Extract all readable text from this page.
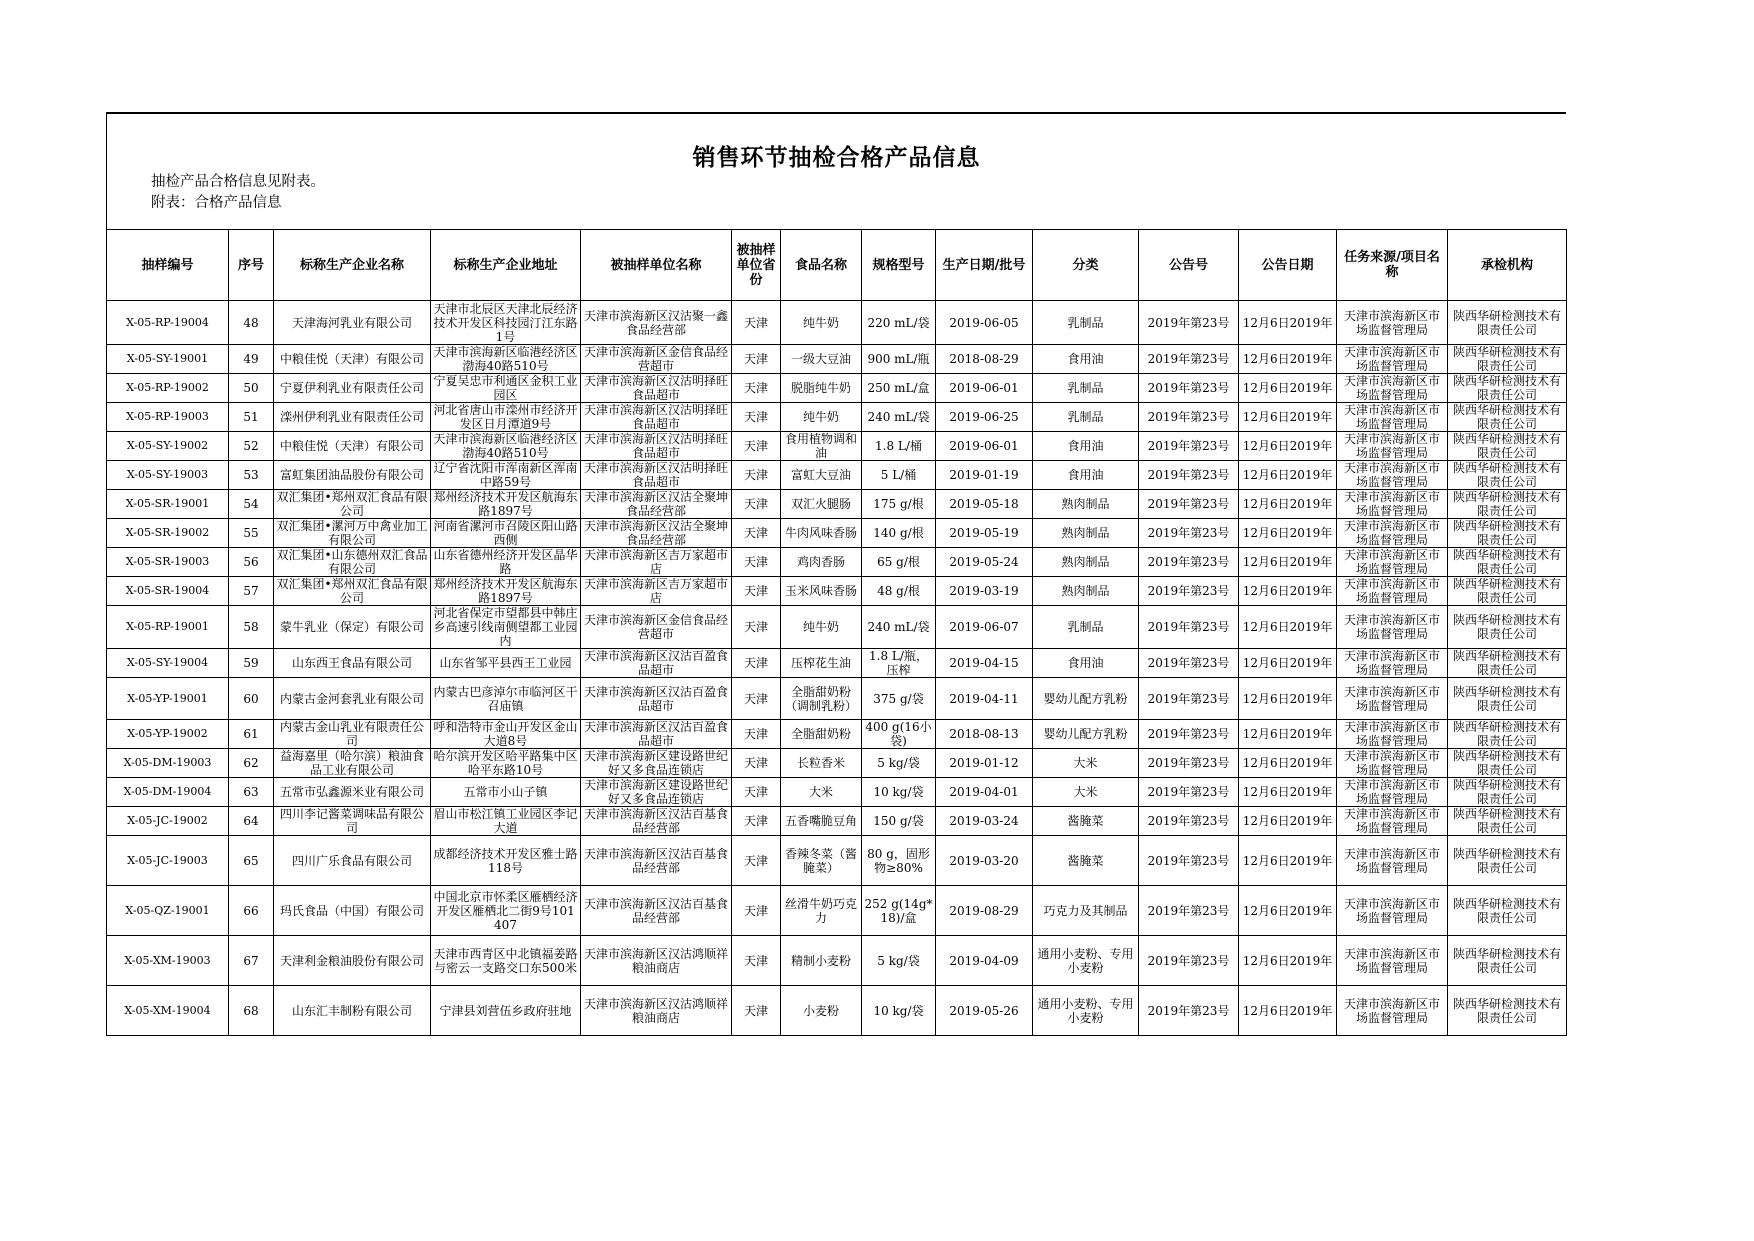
销售环节抽检合格产品信息
抽检产品合格信息见附表。
附表：合格产品信息
抽样编号	序号	标称生产企业名称	标称生产企业地址	被抽样单位名称	被抽样单位省份	食品名称	规格型号	生产日期/批号	分类	公告号	公告日期	任务来源/项目名称	承检机构
X-05-RP-19004	48	天津海河乳业有限公司	天津市北辰区天津北辰经济技术开发区科技园汀江东路1号	天津市滨海新区汉沽聚一鑫食品经营部	天津	纯牛奶	220 mL/袋	2019-06-05	乳制品	2019年第23号	12月6日2019年	天津市滨海新区市场监督管理局	陕西华研检测技术有限责任公司
X-05-SY-19001	49	中粮佳悦（天津）有限公司	天津市滨海新区临港经济区渤海40路510号	天津市滨海新区金信食品经营超市	天津	一级大豆油	900 mL/瓶	2018-08-29	食用油	2019年第23号	12月6日2019年	天津市滨海新区市场监督管理局	陕西华研检测技术有限责任公司
X-05-RP-19002	50	宁夏伊利乳业有限责任公司	宁夏吴忠市利通区金积工业园区	天津市滨海新区汉沽明择旺食品超市	天津	脱脂纯牛奶	250 mL/盒	2019-06-01	乳制品	2019年第23号	12月6日2019年	天津市滨海新区市场监督管理局	陕西华研检测技术有限责任公司
X-05-RP-19003	51	滦州伊利乳业有限责任公司	河北省唐山市滦州市经济开发区日月潭道9号	天津市滨海新区汉沽明择旺食品超市	天津	纯牛奶	240 mL/袋	2019-06-25	乳制品	2019年第23号	12月6日2019年	天津市滨海新区市场监督管理局	陕西华研检测技术有限责任公司
X-05-SY-19002	52	中粮佳悦（天津）有限公司	天津市滨海新区临港经济区渤海40路510号	天津市滨海新区汉沽明择旺食品超市	天津	食用植物调和油	1.8 L/桶	2019-06-01	食用油	2019年第23号	12月6日2019年	天津市滨海新区市场监督管理局	陕西华研检测技术有限责任公司
X-05-SY-19003	53	富虹集团油品股份有限公司	辽宁省沈阳市浑南新区浑南中路59号	天津市滨海新区汉沽明择旺食品超市	天津	富虹大豆油	5 L/桶	2019-01-19	食用油	2019年第23号	12月6日2019年	天津市滨海新区市场监督管理局	陕西华研检测技术有限责任公司
X-05-SR-19001	54	双汇集团•郑州双汇食品有限公司	郑州经济技术开发区航海东路1897号	天津市滨海新区汉沽全聚坤食品经营部	天津	双汇火腿肠	175 g/根	2019-05-18	熟肉制品	2019年第23号	12月6日2019年	天津市滨海新区市场监督管理局	陕西华研检测技术有限责任公司
X-05-SR-19002	55	双汇集团•漯河万中禽业加工有限公司	河南省漯河市召陵区阳山路西侧	天津市滨海新区汉沽全聚坤食品经营部	天津	牛肉风味香肠	140 g/根	2019-05-19	熟肉制品	2019年第23号	12月6日2019年	天津市滨海新区市场监督管理局	陕西华研检测技术有限责任公司
X-05-SR-19003	56	双汇集团•山东德州双汇食品有限公司	山东省德州经济开发区晶华路	天津市滨海新区吉万家超市店	天津	鸡肉香肠	65 g/根	2019-05-24	熟肉制品	2019年第23号	12月6日2019年	天津市滨海新区市场监督管理局	陕西华研检测技术有限责任公司
X-05-SR-19004	57	双汇集团•郑州双汇食品有限公司	郑州经济技术开发区航海东路1897号	天津市滨海新区吉万家超市店	天津	玉米风味香肠	48 g/根	2019-03-19	熟肉制品	2019年第23号	12月6日2019年	天津市滨海新区市场监督管理局	陕西华研检测技术有限责任公司
X-05-RP-19001	58	蒙牛乳业（保定）有限公司	河北省保定市望都县中韩庄乡高速引线南侧望都工业园内	天津市滨海新区金信食品经营超市	天津	纯牛奶	240 mL/袋	2019-06-07	乳制品	2019年第23号	12月6日2019年	天津市滨海新区市场监督管理局	陕西华研检测技术有限责任公司
X-05-SY-19004	59	山东西王食品有限公司	山东省邹平县西王工业园	天津市滨海新区汉沽百盈食品超市	天津	压榨花生油	1.8 L/瓶，压榨	2019-04-15	食用油	2019年第23号	12月6日2019年	天津市滨海新区市场监督管理局	陕西华研检测技术有限责任公司
X-05-YP-19001	60	内蒙古金河套乳业有限公司	内蒙古巴彦淖尔市临河区干召庙镇	天津市滨海新区汉沽百盈食品超市	天津	全脂甜奶粉（调制乳粉）	375 g/袋	2019-04-11	婴幼儿配方乳粉	2019年第23号	12月6日2019年	天津市滨海新区市场监督管理局	陕西华研检测技术有限责任公司
X-05-YP-19002	61	内蒙古金山乳业有限责任公司	呼和浩特市金山开发区金山大道8号	天津市滨海新区汉沽百盈食品超市	天津	全脂甜奶粉	400 g(16小袋)	2018-08-13	婴幼儿配方乳粉	2019年第23号	12月6日2019年	天津市滨海新区市场监督管理局	陕西华研检测技术有限责任公司
X-05-DM-19003	62	益海嘉里（哈尔滨）粮油食品工业有限公司	哈尔滨开发区哈平路集中区哈平东路10号	天津市滨海新区建设路世纪好又多食品连锁店	天津	长粒香米	5 kg/袋	2019-01-12	大米	2019年第23号	12月6日2019年	天津市滨海新区市场监督管理局	陕西华研检测技术有限责任公司
X-05-DM-19004	63	五常市弘鑫源米业有限公司	五常市小山子镇	天津市滨海新区建设路世纪好又多食品连锁店	天津	大米	10 kg/袋	2019-04-01	大米	2019年第23号	12月6日2019年	天津市滨海新区市场监督管理局	陕西华研检测技术有限责任公司
X-05-JC-19002	64	四川李记酱菜调味品有限公司	眉山市松江镇工业园区李记大道	天津市滨海新区汉沽百基食品经营部	天津	五香嘴脆豆角	150 g/袋	2019-03-24	酱腌菜	2019年第23号	12月6日2019年	天津市滨海新区市场监督管理局	陕西华研检测技术有限责任公司
X-05-JC-19003	65	四川广乐食品有限公司	成都经济技术开发区雅士路118号	天津市滨海新区汉沽百基食品经营部	天津	香辣冬菜（酱腌菜）	80 g，固形物≥80%	2019-03-20	酱腌菜	2019年第23号	12月6日2019年	天津市滨海新区市场监督管理局	陕西华研检测技术有限责任公司
X-05-QZ-19001	66	玛氏食品（中国）有限公司	中国北京市怀柔区雁栖经济开发区雁栖北二街9号101407	天津市滨海新区汉沽百基食品经营部	天津	丝滑牛奶巧克力	252 g(14g*18)/盒	2019-08-29	巧克力及其制品	2019年第23号	12月6日2019年	天津市滨海新区市场监督管理局	陕西华研检测技术有限责任公司
X-05-XM-19003	67	天津利金粮油股份有限公司	天津市西青区中北镇福姜路与密云一支路交口东500米	天津市滨海新区汉沽鸿顺祥粮油商店	天津	精制小麦粉	5 kg/袋	2019-04-09	通用小麦粉、专用小麦粉	2019年第23号	12月6日2019年	天津市滨海新区市场监督管理局	陕西华研检测技术有限责任公司
X-05-XM-19004	68	山东汇丰制粉有限公司	宁津县刘营伍乡政府驻地	天津市滨海新区汉沽鸿顺祥粮油商店	天津	小麦粉	10 kg/袋	2019-05-26	通用小麦粉、专用小麦粉	2019年第23号	12月6日2019年	天津市滨海新区市场监督管理局	陕西华研检测技术有限责任公司
